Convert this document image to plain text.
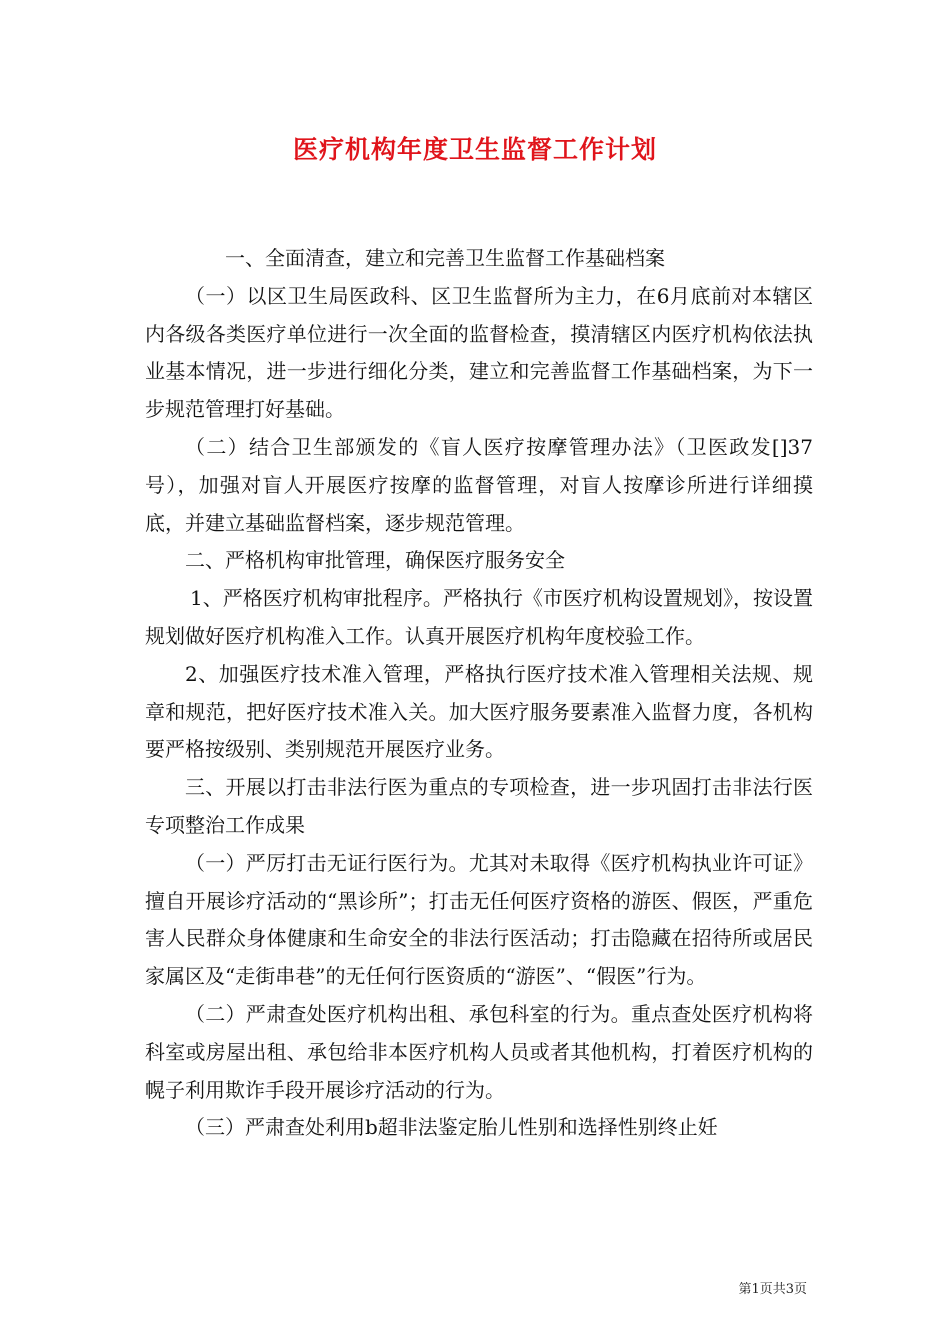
医疗机构年度卫生监督工作计划

一、全面清查，建立和完善卫生监督工作基础档案

（一）以区卫生局医政科、区卫生监督所为主力，在6月底前对本辖区内各级各类医疗单位进行一次全面的监督检查，摸清辖区内医疗机构依法执业基本情况，进一步进行细化分类，建立和完善监督工作基础档案，为下一步规范管理打好基础。

（二）结合卫生部颁发的《盲人医疗按摩管理办法》（卫医政发[]37号），加强对盲人开展医疗按摩的监督管理，对盲人按摩诊所进行详细摸底，并建立基础监督档案，逐步规范管理。

二、严格机构审批管理，确保医疗服务安全

1、严格医疗机构审批程序。严格执行《市医疗机构设置规划》，按设置规划做好医疗机构准入工作。认真开展医疗机构年度校验工作。

2、加强医疗技术准入管理，严格执行医疗技术准入管理相关法规、规章和规范，把好医疗技术准入关。加大医疗服务要素准入监督力度，各机构要严格按级别、类别规范开展医疗业务。

三、开展以打击非法行医为重点的专项检查，进一步巩固打击非法行医专项整治工作成果

（一）严厉打击无证行医行为。尤其对未取得《医疗机构执业许可证》擅自开展诊疗活动的“黑诊所”；打击无任何医疗资格的游医、假医，严重危害人民群众身体健康和生命安全的非法行医活动；打击隐藏在招待所或居民家属区及“走街串巷”的无任何行医资质的“游医”、“假医”行为。

（二）严肃查处医疗机构出租、承包科室的行为。重点查处医疗机构将科室或房屋出租、承包给非本医疗机构人员或者其他机构，打着医疗机构的幌子利用欺诈手段开展诊疗活动的行为。

（三）严肃查处利用b超非法鉴定胎儿性别和选择性别终止妊

第1页共3页
